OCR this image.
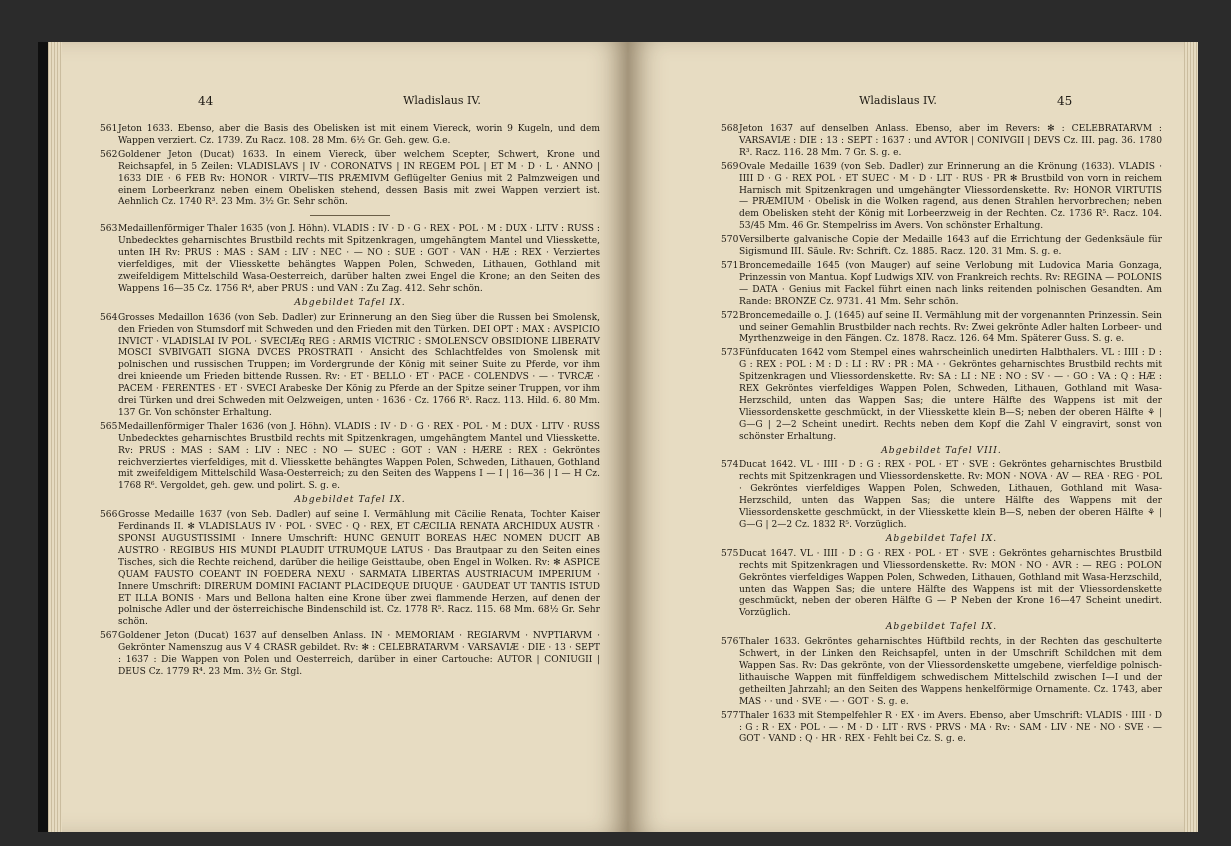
44	Wladislaus IV.

561 Jeton 1633. Ebenso, aber die Basis des Obelisken ist mit einem Viereck, worin 9 Kugeln, und dem Wappen verziert. Cz. 1739. Zu Racz. 108. 28 Mm. 6½ Gr. Geh. gew. G.e.

562 Goldener Jeton (Ducat) 1633. In einem Viereck, über welchem Scepter, Schwert, Krone und Reichsapfel, in 5 Zeilen: VLADISLAVS | IV · CORONATVS | IN REGEM POL | ET M · D · L · ANNO | 1633 DIE · 6 FEB Rv: HONOR · VIRTV—TIS PRÆMIVM Geflügelter Genius mit 2 Palmzweigen und einem Lorbeerkranz neben einem Obelisken stehend, dessen Basis mit zwei Wappen verziert ist. Aehnlich Cz. 1740 R³. 23 Mm. 3½ Gr. Sehr schön.

563 Medaillenförmiger Thaler 1635 (von J. Höhn). VLADIS : IV · D · G · REX · POL · M : DUX · LITV : RUSS : Unbedecktes geharnischtes Brustbild rechts mit Spitzenkragen, umgehängtem Mantel und Vliesskette, unten IH Rv: PRUS : MAS : SAM : LIV : NEC · — NO : SUE : GOT · VAN · HÆ : REX · Verziertes vierfeldiges, mit der Vliesskette behängtes Wappen Polen, Schweden, Lithauen, Gothland mit zweifeldigem Mittelschild Wasa-Oesterreich, darüber halten zwei Engel die Krone; an den Seiten des Wappens 16—35 Cz. 1756 R⁴, aber PRUS : und VAN : Zu Zag. 412. Sehr schön.

Abgebildet Tafel IX.

564 Grosses Medaillon 1636 (von Seb. Dadler) zur Erinnerung an den Sieg über die Russen bei Smolensk, den Frieden von Stumsdorf mit Schweden und den Frieden mit den Türken. DEI OPT : MAX : AVSPICIO INVICT · VLADISLAI IV POL · SVECIÆq REG : ARMIS VICTRIC : SMOLENSCV OBSIDIONE LIBERATV MOSCI SVBIVGATI SIGNA DVCES PROSTRATI · Ansicht des Schlachtfeldes von Smolensk mit polnischen und russischen Truppen; im Vordergrunde der König mit seiner Suite zu Pferde, vor ihm drei knieende um Frieden bittende Russen. Rv: · ET · BELLO · ET · PACE · COLENDVS · — · TVRCÆ · PACEM · FERENTES · ET · SVECI Arabeske Der König zu Pferde an der Spitze seiner Truppen, vor ihm drei Türken und drei Schweden mit Oelzweigen, unten · 1636 · Cz. 1766 R⁵. Racz. 113. Hild. 6. 80 Mm. 137 Gr. Von schönster Erhaltung.

565 Medaillenförmiger Thaler 1636 (von J. Höhn). VLADIS : IV · D · G · REX · POL · M : DUX · LITV · RUSS Unbedecktes geharnischtes Brustbild rechts mit Spitzenkragen, umgehängtem Mantel und Vliesskette. Rv: PRUS : MAS : SAM : LIV : NEC : NO — SUEC : GOT : VAN : HÆRE : REX : Gekröntes reichverziertes vierfeldiges, mit d. Vliesskette behängtes Wappen Polen, Schweden, Lithauen, Gothland mit zweifeldigem Mittelschild Wasa-Oesterreich; zu den Seiten des Wappens I — I | 16—36 | I — H Cz. 1768 R⁶. Vergoldet, geh. gew. und polirt. S. g. e.

Abgebildet Tafel IX.

566 Grosse Medaille 1637 (von Seb. Dadler) auf seine I. Vermählung mit Cäcilie Renata, Tochter Kaiser Ferdinands II. ✻ VLADISLAUS IV · POL · SVEC · Q · REX, ET CÆCILIA RENATA ARCHIDUX AUSTR · SPONSI AUGUSTISSIMI · Innere Umschrift: HUNC GENUIT BOREAS HÆC NOMEN DUCIT AB AUSTRO · REGIBUS HIS MUNDI PLAUDIT UTRUMQUE LATUS · Das Brautpaar zu den Seiten eines Tisches, sich die Rechte reichend, darüber die heilige Geisttaube, oben Engel in Wolken. Rv: ✻ ASPICE QUAM FAUSTO COEANT IN FOEDERA NEXU · SARMATA LIBERTAS AUSTRIACUM IMPERIUM · Innere Umschrift: DIRERUM DOMINI FACIANT PLACIDEQUE DIUQUE · GAUDEAT UT TANTIS ISTUD ET ILLA BONIS · Mars und Bellona halten eine Krone über zwei flammende Herzen, auf denen der polnische Adler und der österreichische Bindenschild ist. Cz. 1778 R⁵. Racz. 115. 68 Mm. 68½ Gr. Sehr schön.

567 Goldener Jeton (Ducat) 1637 auf denselben Anlass. IN · MEMORIAM · REGIARVM · NVPTIARVM · Gekrönter Namenszug aus V 4 CRASR gebildet. Rv: ✻ : CELEBRATARVM · VARSAVIÆ · DIE · 13 · SEPT : 1637 : Die Wappen von Polen und Oesterreich, darüber in einer Cartouche: AUTOR | CONIUGII | DEUS Cz. 1779 R⁴. 23 Mm. 3½ Gr. Stgl.

Wladislaus IV.	45

568 Jeton 1637 auf denselben Anlass. Ebenso, aber im Revers: ✻ : CELEBRATARVM : VARSAVIÆ : DIE : 13 : SEPT : 1637 : und AVTOR | CONIVGII | DEVS Cz. III. pag. 36. 1780 R³. Racz. 116. 28 Mm. 7 Gr. S. g. e.

569 Ovale Medaille 1639 (von Seb. Dadler) zur Erinnerung an die Krönung (1633). VLADIS · IIII D · G · REX POL · ET SUEC · M · D · LIT · RUS · PR ✻ Brustbild von vorn in reichem Harnisch mit Spitzenkragen und umgehängter Vliessordenskette. Rv: HONOR VIRTUTIS — PRÆMIUM · Obelisk in die Wolken ragend, aus denen Strahlen hervorbrechen; neben dem Obelisken steht der König mit Lorbeerzweig in der Rechten. Cz. 1736 R⁵. Racz. 104. 53/45 Mm. 46 Gr. Stempelriss im Avers. Von schönster Erhaltung.

570 Versilberte galvanische Copie der Medaille 1643 auf die Errichtung der Gedenksäule für Sigismund III. Säule. Rv: Schrift. Cz. 1885. Racz. 120. 31 Mm. S. g. e.

571 Broncemedaille 1645 (von Mauger) auf seine Verlobung mit Ludovica Maria Gonzaga, Prinzessin von Mantua. Kopf Ludwigs XIV. von Frankreich rechts. Rv: REGINA — POLONIS — DATA · Genius mit Fackel führt einen nach links reitenden polnischen Gesandten. Am Rande: BRONZE Cz. 9731. 41 Mm. Sehr schön.

572 Broncemedaille o. J. (1645) auf seine II. Vermählung mit der vorgenannten Prinzessin. Sein und seiner Gemahlin Brustbilder nach rechts. Rv: Zwei gekrönte Adler halten Lorbeer- und Myrthenzweige in den Fängen. Cz. 1878. Racz. 126. 64 Mm. Späterer Guss. S. g. e.

573 Fünfducaten 1642 vom Stempel eines wahrscheinlich unedirten Halbthalers. VL : IIII : D : G : REX : POL : M : D : LI : RV : PR : MA · · Gekröntes geharnischtes Brustbild rechts mit Spitzenkragen und Vliessordenskette. Rv: SA : LI : NE : NO : SV · — · GO : VA : Q : HÆ : REX Gekröntes vierfeldiges Wappen Polen, Schweden, Lithauen, Gothland mit Wasa-Herzschild, unten das Wappen Sas; die untere Hälfte des Wappens ist mit der Vliessordenskette geschmückt, in der Vliesskette klein B—S; neben der oberen Hälfte ⚘ | G—G | 2—2 Scheint unedirt. Rechts neben dem Kopf die Zahl V eingravirt, sonst von schönster Erhaltung.

Abgebildet Tafel VIII.

574 Ducat 1642. VL · IIII · D : G : REX · POL · ET · SVE : Gekröntes geharnischtes Brustbild rechts mit Spitzenkragen und Vliessordenskette. Rv: MON · NOVA · AV — REA · REG · POL · Gekröntes vierfeldiges Wappen Polen, Schweden, Lithauen, Gothland mit Wasa-Herzschild, unten das Wappen Sas; die untere Hälfte des Wappens mit der Vliessordenskette geschmückt, in der Vliesskette klein B—S, neben der oberen Hälfte ⚘ | G—G | 2—2 Cz. 1832 R⁵. Vorzüglich.

Abgebildet Tafel IX.

575 Ducat 1647. VL · IIII · D : G · REX · POL · ET · SVE : Gekröntes geharnischtes Brustbild rechts mit Spitzenkragen und Vliessordenskette. Rv: MON · NO · AVR : — REG : POLON Gekröntes vierfeldiges Wappen Polen, Schweden, Lithauen, Gothland mit Wasa-Herzschild, unten das Wappen Sas; die untere Hälfte des Wappens ist mit der Vliessordenskette geschmückt, neben der oberen Hälfte G — P Neben der Krone 16—47 Scheint unedirt. Vorzüglich.

Abgebildet Tafel IX.

576 Thaler 1633. Gekröntes geharnischtes Hüftbild rechts, in der Rechten das geschulterte Schwert, in der Linken den Reichsapfel, unten in der Umschrift Schildchen mit dem Wappen Sas. Rv: Das gekrönte, von der Vliessordenskette umgebene, vierfeldige polnisch-lithauische Wappen mit fünffeldigem schwedischem Mittelschild zwischen I—I und der getheilten Jahrzahl; an den Seiten des Wappens henkelförmige Ornamente. Cz. 1743, aber MAS · · und · SVE · — · GOT · S. g. e.

577 Thaler 1633 mit Stempelfehler R · EX · im Avers. Ebenso, aber Umschrift: VLADIS · IIII · D : G : R · EX · POL · — · M · D · LIT · RVS · PRVS · MA · Rv: · SAM · LIV · NE · NO · SVE · — GOT · VAND : Q · HR · REX · Fehlt bei Cz. S. g. e.
